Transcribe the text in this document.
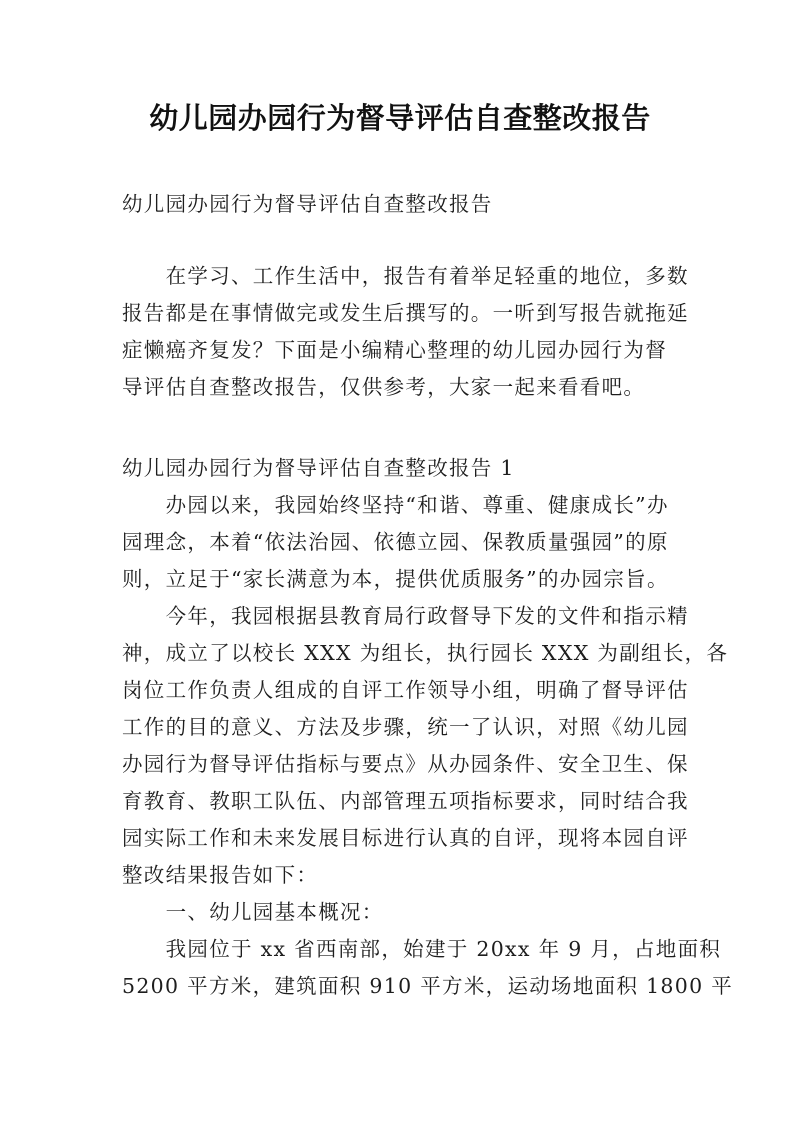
幼儿园办园行为督导评估自查整改报告
幼儿园办园行为督导评估自查整改报告
　　在学习、工作生活中，报告有着举足轻重的地位，多数
报告都是在事情做完或发生后撰写的。一听到写报告就拖延
症懒癌齐复发？下面是小编精心整理的幼儿园办园行为督
导评估自查整改报告，仅供参考，大家一起来看看吧。
幼儿园办园行为督导评估自查整改报告 1
　　办园以来，我园始终坚持“和谐、尊重、健康成长”办
园理念，本着“依法治园、依德立园、保教质量强园”的原
则，立足于“家长满意为本，提供优质服务”的办园宗旨。
　　今年，我园根据县教育局行政督导下发的文件和指示精
神，成立了以校长 XXX 为组长，执行园长 XXX 为副组长，各
岗位工作负责人组成的自评工作领导小组，明确了督导评估
工作的目的意义、方法及步骤，统一了认识，对照《幼儿园
办园行为督导评估指标与要点》从办园条件、安全卫生、保
育教育、教职工队伍、内部管理五项指标要求，同时结合我
园实际工作和未来发展目标进行认真的自评，现将本园自评
整改结果报告如下：
　　一、幼儿园基本概况：
　　我园位于 xx 省西南部，始建于 20xx 年 9 月，占地面积
5200 平方米，建筑面积 910 平方米，运动场地面积 1800 平
